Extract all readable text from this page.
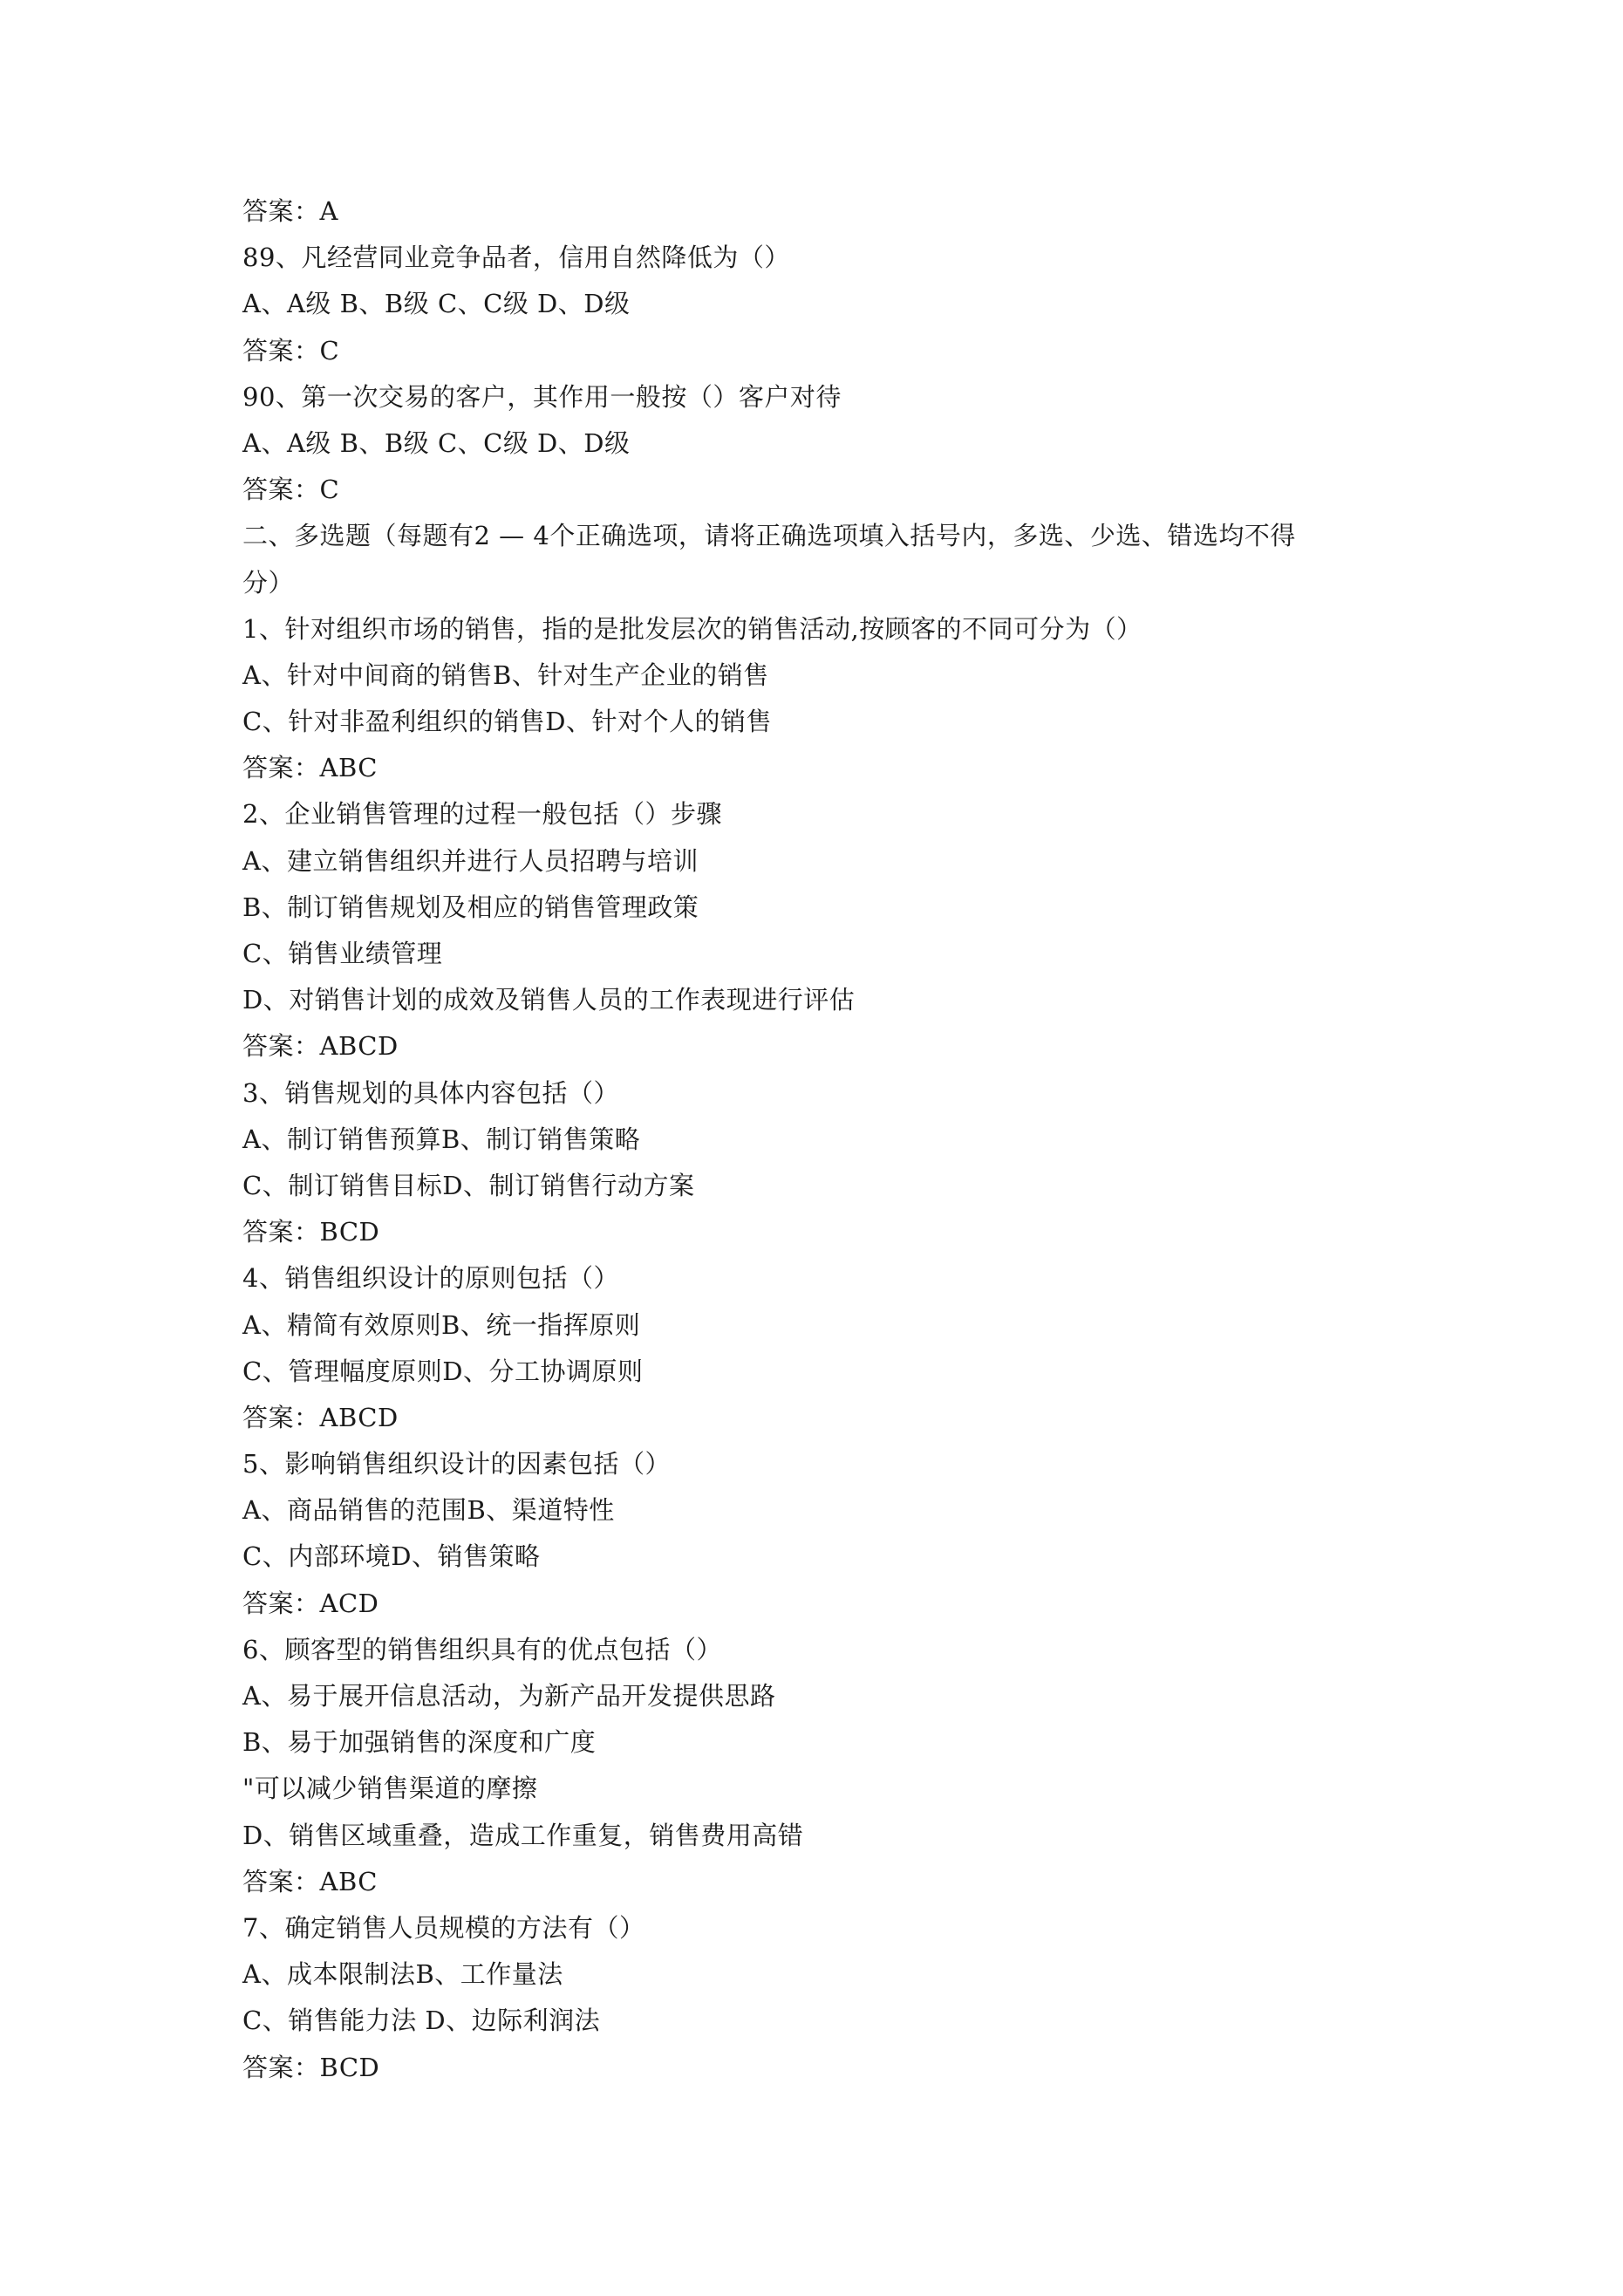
答案：A
89、凡经营同业竞争品者，信用自然降低为（）
A、A级 B、B级 C、C级 D、D级
答案：C
90、第一次交易的客户，其作用一般按（）客户对待
A、A级 B、B级 C、C级 D、D级
答案：C
二、多选题（每题有2 — 4个正确选项，请将正确选项填入括号内，多选、少选、错选均不得
分）
1、针对组织市场的销售，指的是批发层次的销售活动,按顾客的不同可分为（）
A、针对中间商的销售B、针对生产企业的销售
C、针对非盈利组织的销售D、针对个人的销售
答案：ABC
2、企业销售管理的过程一般包括（）步骤
A、建立销售组织并进行人员招聘与培训
B、制订销售规划及相应的销售管理政策
C、销售业绩管理
D、对销售计划的成效及销售人员的工作表现进行评估
答案：ABCD
3、销售规划的具体内容包括（）
A、制订销售预算B、制订销售策略
C、制订销售目标D、制订销售行动方案
答案：BCD
4、销售组织设计的原则包括（）
A、精简有效原则B、统一指挥原则
C、管理幅度原则D、分工协调原则
答案：ABCD
5、影响销售组织设计的因素包括（）
A、商品销售的范围B、渠道特性
C、内部环境D、销售策略
答案：ACD
6、顾客型的销售组织具有的优点包括（）
A、易于展开信息活动，为新产品开发提供思路
B、易于加强销售的深度和广度
"可以减少销售渠道的摩擦
D、销售区域重叠，造成工作重复，销售费用高错
答案：ABC
7、确定销售人员规模的方法有（）
A、成本限制法B、工作量法
C、销售能力法 D、边际利润法
答案：BCD
